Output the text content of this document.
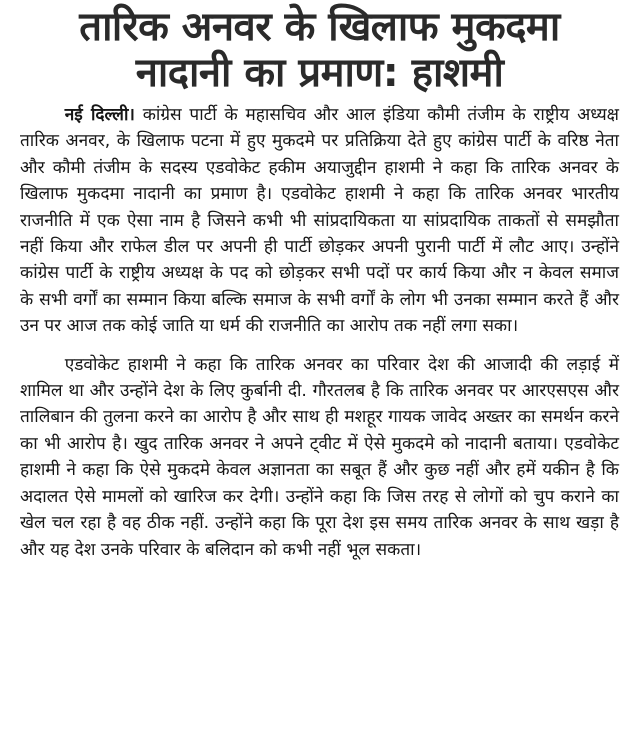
तारिक अनवर के खिलाफ मुकदमा
नादानी का प्रमाण: हाशमी

नई दिल्ली। कांग्रेस पार्टी के महासचिव और आल इंडिया कौमी तंजीम के राष्ट्रीय अध्यक्ष तारिक अनवर, के खिलाफ पटना में हुए मुकदमे पर प्रतिक्रिया देते हुए कांग्रेस पार्टी के वरिष्ठ नेता और कौमी तंजीम के सदस्य एडवोकेट हकीम अयाजुद्दीन हाशमी ने कहा कि तारिक अनवर के खिलाफ मुकदमा नादानी का प्रमाण है। एडवोकेट हाशमी ने कहा कि तारिक अनवर भारतीय राजनीति में एक ऐसा नाम है जिसने कभी भी सांप्रदायिकता या सांप्रदायिक ताकतों से समझौता नहीं किया और राफेल डील पर अपनी ही पार्टी छोड़कर अपनी पुरानी पार्टी में लौट आए। उन्होंने कांग्रेस पार्टी के राष्ट्रीय अध्यक्ष के पद को छोड़कर सभी पदों पर कार्य किया और न केवल समाज के सभी वर्गों का सम्मान किया बल्कि समाज के सभी वर्गों के लोग भी उनका सम्मान करते हैं और उन पर आज तक कोई जाति या धर्म की राजनीति का आरोप तक नहीं लगा सका।

एडवोकेट हाशमी ने कहा कि तारिक अनवर का परिवार देश की आजादी की लड़ाई में शामिल था और उन्होंने देश के लिए कुर्बानी दी. गौरतलब है कि तारिक अनवर पर आरएसएस और तालिबान की तुलना करने का आरोप है और साथ ही मशहूर गायक जावेद अख्तर का समर्थन करने का भी आरोप है। खुद तारिक अनवर ने अपने ट्वीट में ऐसे मुकदमे को नादानी बताया। एडवोकेट हाशमी ने कहा कि ऐसे मुकदमे केवल अज्ञानता का सबूत हैं और कुछ नहीं और हमें यकीन है कि अदालत ऐसे मामलों को खारिज कर देगी। उन्होंने कहा कि जिस तरह से लोगों को चुप कराने का खेल चल रहा है वह ठीक नहीं. उन्होंने कहा कि पूरा देश इस समय तारिक अनवर के साथ खड़ा है और यह देश उनके परिवार के बलिदान को कभी नहीं भूल सकता।
